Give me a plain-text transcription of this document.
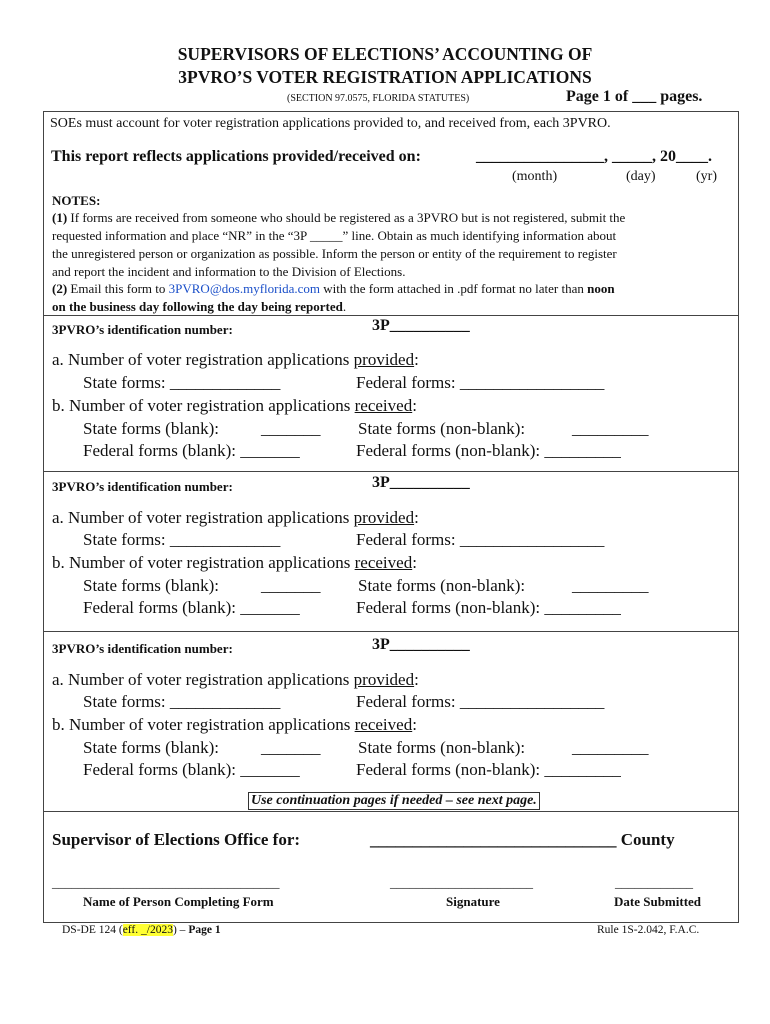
SUPERVISORS OF ELECTIONS’ ACCOUNTING OF
3PVRO’S VOTER REGISTRATION APPLICATIONS
(SECTION 97.0575, FLORIDA STATUTES)	Page 1 of ___ pages.
SOEs must account for voter registration applications provided to, and received from, each 3PVRO.
This report reflects applications provided/received on:	________________, _____, 20____.
(month)	(day)	(yr)
NOTES:
(1) If forms are received from someone who should be registered as a 3PVRO but is not registered, submit the
requested information and place “NR” in the “3P _____” line. Obtain as much identifying information about
the unregistered person or organization as possible. Inform the person or entity of the requirement to register
and report the incident and information to the Division of Elections.
(2) Email this form to 3PVRO@dos.myflorida.com with the form attached in .pdf format no later than noon
on the business day following the day being reported.
3PVRO’s identification number:	3P__________
a. Number of voter registration applications provided:
State forms: _____________	Federal forms: _________________
b. Number of voter registration applications received:
State forms (blank): _______ State forms (non-blank):	_________
Federal forms (blank): _______	Federal forms (non-blank): _________
3PVRO’s identification number:	3P__________
a. Number of voter registration applications provided:
State forms: _____________	Federal forms: _________________
b. Number of voter registration applications received:
State forms (blank): _______ State forms (non-blank):	_________
Federal forms (blank): _______	Federal forms (non-blank): _________
3PVRO’s identification number:	3P__________
a. Number of voter registration applications provided:
State forms: _____________	Federal forms: _________________
b. Number of voter registration applications received:
State forms (blank): _______ State forms (non-blank):	_________
Federal forms (blank): _______	Federal forms (non-blank): _________
Use continuation pages if needed – see next page.
Supervisor of Elections Office for:	_____________________________ County
___________________________________
Name of Person Completing Form
______________________
Signature
____________
Date Submitted
DS-DE 124 (eff. _/2023) – Page 1	Rule 1S-2.042, F.A.C.
